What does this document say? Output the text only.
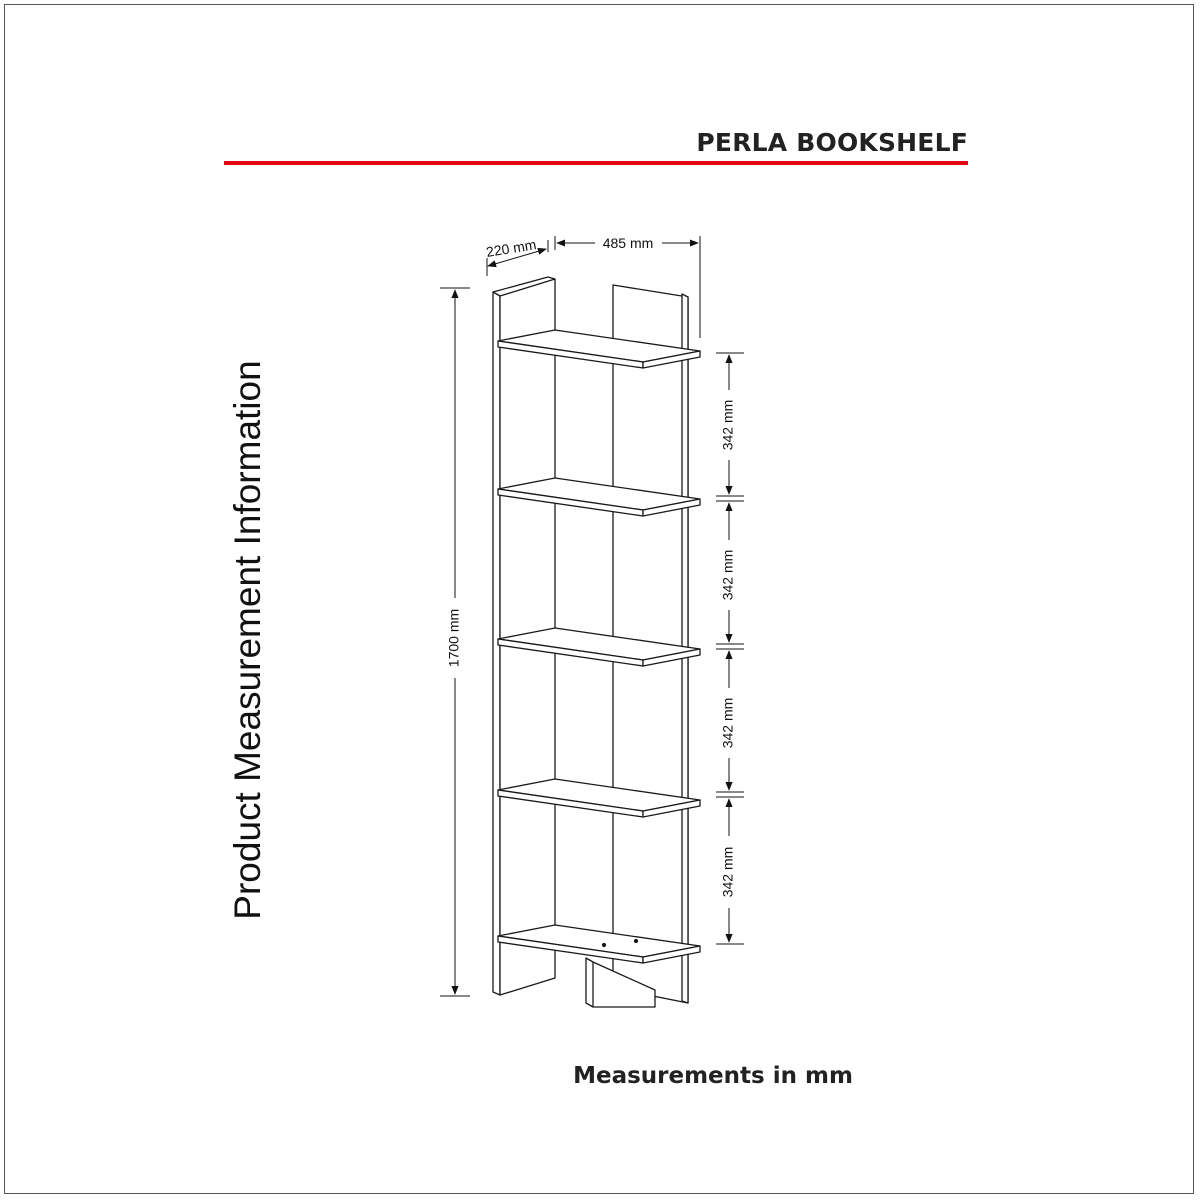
PERLA BOOKSHELF
Product Measurement Information
220 mm	485 mm
1700 mm
342 mm
342 mm
342 mm
342 mm
Measurements in mm
